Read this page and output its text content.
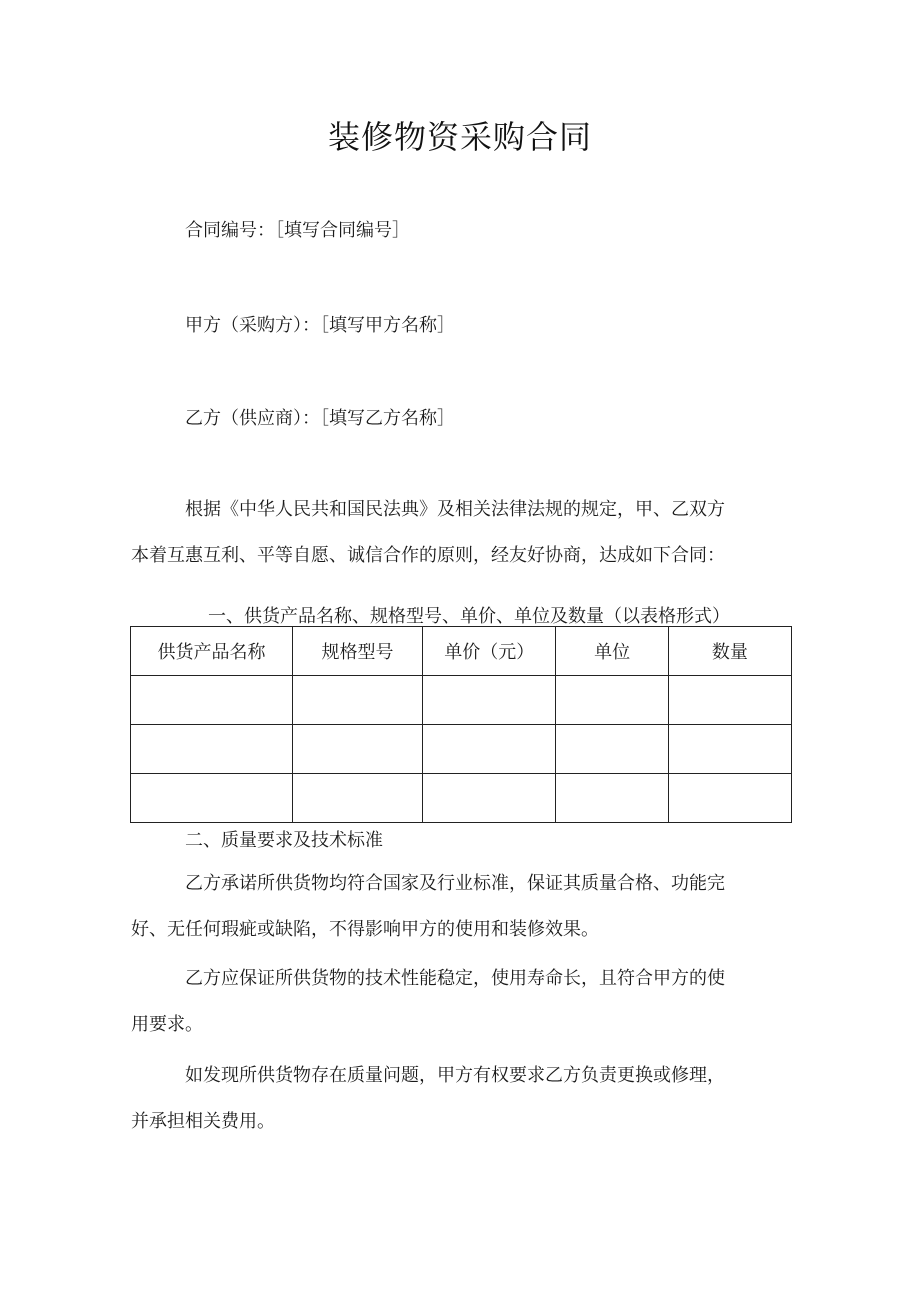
装修物资采购合同
合同编号：［填写合同编号］
甲方（采购方）：［填写甲方名称］
乙方（供应商）：［填写乙方名称］
根据《中华人民共和国民法典》及相关法律法规的规定，甲、乙双方
本着互惠互利、平等自愿、诚信合作的原则，经友好协商，达成如下合同：
一、供货产品名称、规格型号、单价、单位及数量（以表格形式）
供货产品名称	规格型号	单价（元）	单位	数量

二、质量要求及技术标准
乙方承诺所供货物均符合国家及行业标准，保证其质量合格、功能完
好、无任何瑕疵或缺陷，不得影响甲方的使用和装修效果。
乙方应保证所供货物的技术性能稳定，使用寿命长，且符合甲方的使
用要求。
如发现所供货物存在质量问题，甲方有权要求乙方负责更换或修理，
并承担相关费用。
